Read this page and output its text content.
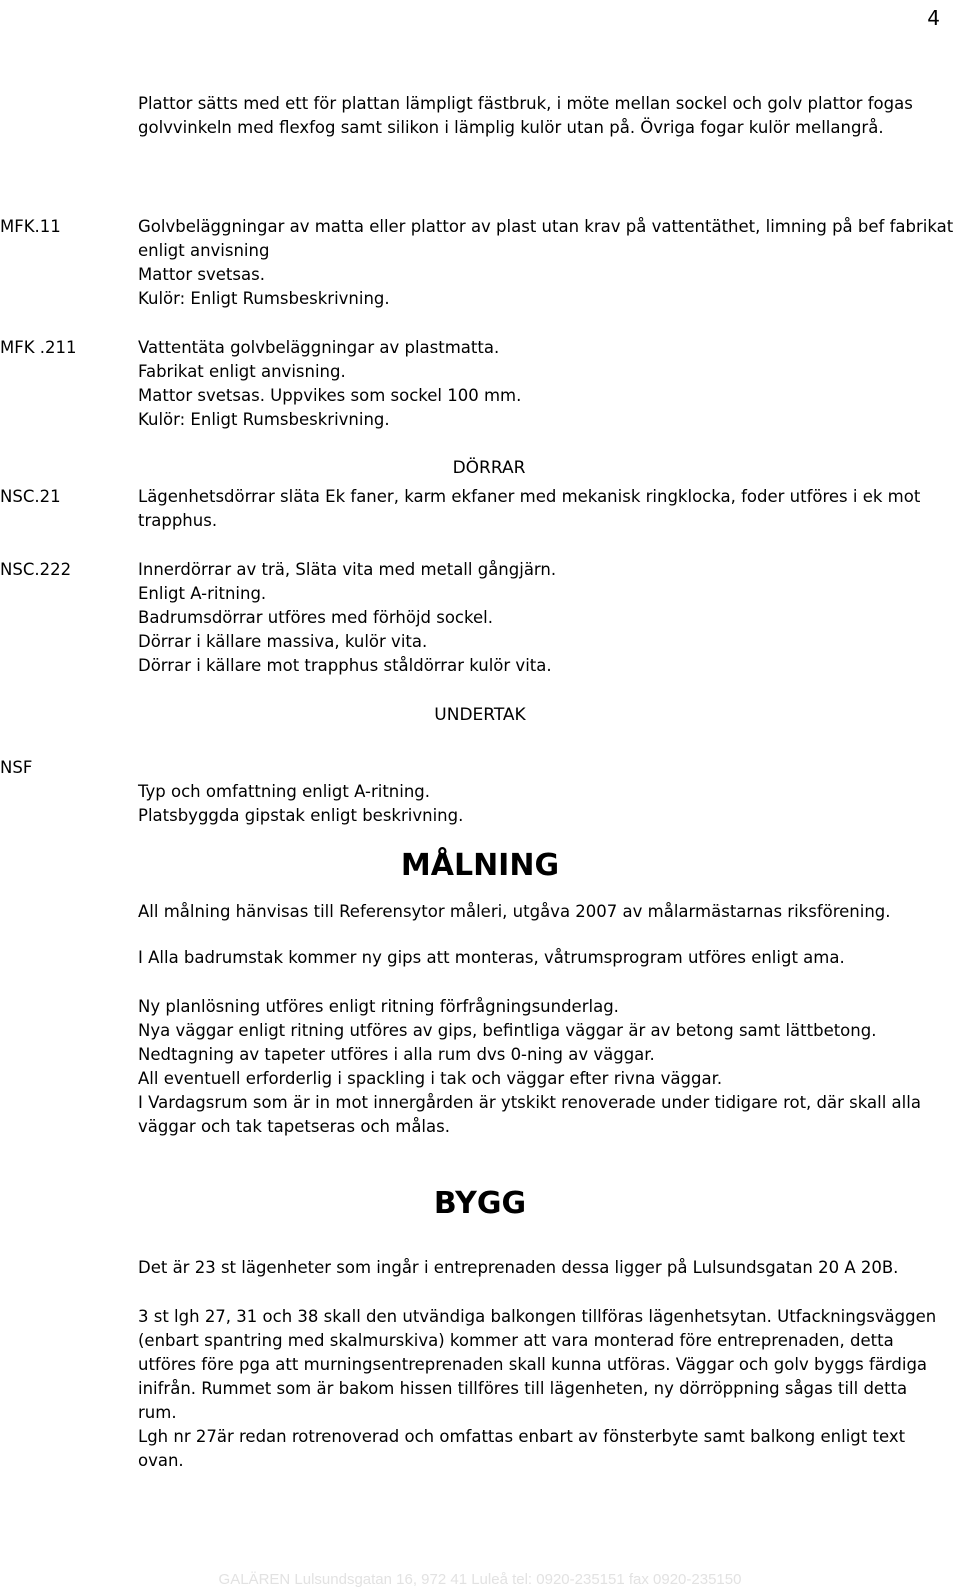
4
Plattor sätts med ett för plattan lämpligt fästbruk, i möte mellan sockel och golv plattor fogas
golvvinkeln med flexfog samt silikon i lämplig kulör utan på. Övriga fogar kulör mellangrå.
MFK.11	Golvbeläggningar av matta eller plattor av plast utan krav på vattentäthet, limning på bef fabrikat
enligt anvisning
Mattor svetsas.
Kulör: Enligt Rumsbeskrivning.
MFK .211	Vattentäta golvbeläggningar av plastmatta.
Fabrikat enligt anvisning.
Mattor svetsas. Uppvikes som sockel 100 mm.
Kulör: Enligt Rumsbeskrivning.
DÖRRAR
NSC.21	Lägenhetsdörrar släta Ek faner, karm ekfaner med mekanisk ringklocka, foder utföres i ek mot
trapphus.
NSC.222	Innerdörrar av trä, Släta vita med metall gångjärn.
Enligt A-ritning.
Badrumsdörrar utföres med förhöjd sockel.
Dörrar i källare massiva, kulör vita.
Dörrar i källare mot trapphus ståldörrar kulör vita.
UNDERTAK
NSF
Typ och omfattning enligt A-ritning.
Platsbyggda gipstak enligt beskrivning.
MÅLNING
All målning hänvisas till Referensytor måleri, utgåva 2007 av målarmästarnas riksförening.
I Alla badrumstak kommer ny gips att monteras, våtrumsprogram utföres enligt ama.
Ny planlösning utföres enligt ritning förfrågningsunderlag.
Nya väggar enligt ritning utföres av gips, befintliga väggar är av betong samt lättbetong.
Nedtagning av tapeter utföres i alla rum dvs 0-ning av väggar.
All eventuell erforderlig i spackling i tak och väggar efter rivna väggar.
I Vardagsrum som är in mot innergården är ytskikt renoverade under tidigare rot, där skall alla
väggar och tak tapetseras och målas.
BYGG
Det är 23 st lägenheter som ingår i entreprenaden dessa ligger på Lulsundsgatan 20 A 20B.
3 st lgh 27, 31 och 38 skall den utvändiga balkongen tillföras lägenhetsytan. Utfackningsväggen
(enbart spantring med skalmurskiva) kommer att vara monterad före entreprenaden, detta
utföres före pga att murningsentreprenaden skall kunna utföras. Väggar och golv byggs färdiga
inifrån. Rummet som är bakom hissen tillföres till lägenheten, ny dörröppning sågas till detta
rum.
Lgh nr 27är redan rotrenoverad och omfattas enbart av fönsterbyte samt balkong enligt text
ovan.
GALÄREN Lulsundsgatan 16, 972 41 Luleå tel: 0920-235151 fax 0920-235150
